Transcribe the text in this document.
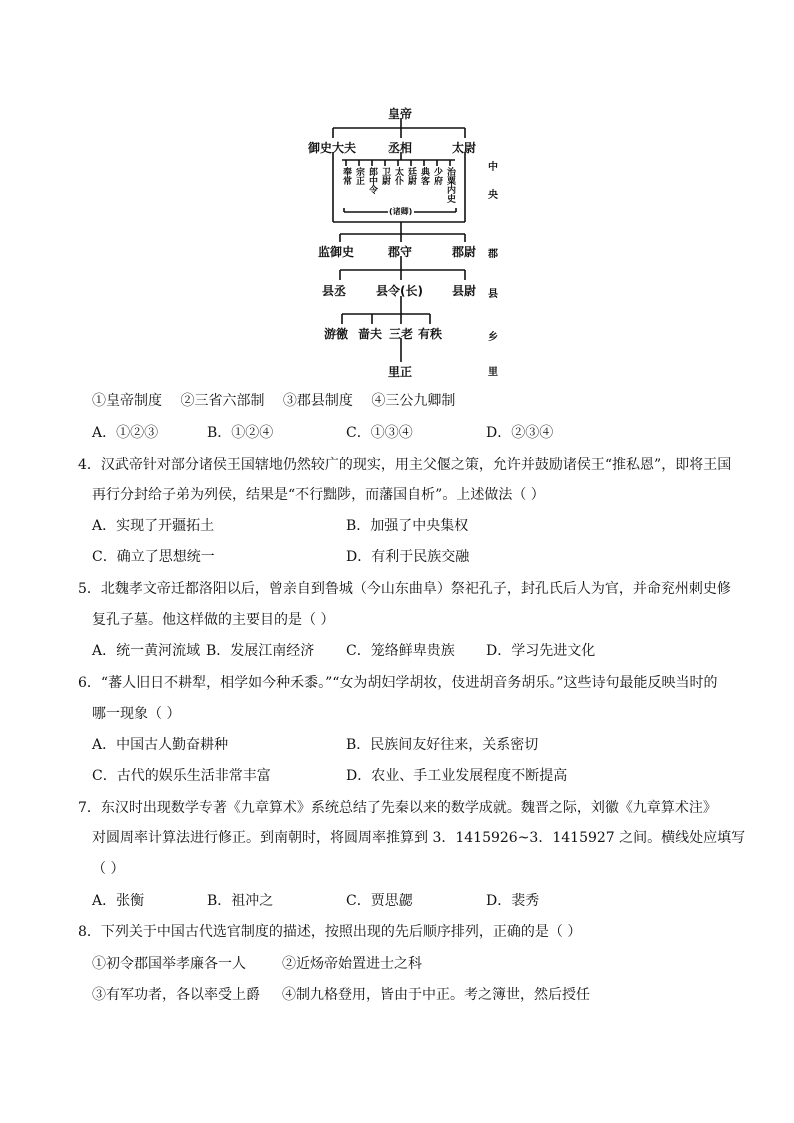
皇帝
御史大夫	丞相	太尉
奉常 宗正 郎中令 卫尉 太仆 廷尉 典客 少府 治粟内史
(诸卿)
监御史	郡守	郡尉
县丞 县令(长) 县尉
游徼 啬夫 三老 有秩
里正
中
央
郡
县
乡
里
①皇帝制度 ②三省六部制 ③郡县制度 ④三公九卿制
A．①②③	B．①②④	C．①③④	D．②③④
4．汉武帝针对部分诸侯王国辖地仍然较广的现实，用主父偃之策，允许并鼓励诸侯王“推私恩”，即将王国
再行分封给子弟为列侯，结果是“不行黜陟，而藩国自析”。上述做法（ ）
A．实现了开疆拓土	B．加强了中央集权
C．确立了思想统一	D．有利于民族交融
5．北魏孝文帝迁都洛阳以后，曾亲自到鲁城（今山东曲阜）祭祀孔子，封孔氏后人为官，并命兖州刺史修
复孔子墓。他这样做的主要目的是（ ）
A．统一黄河流域 B．发展江南经济 C．笼络鲜卑贵族 D．学习先进文化
6．“蕃人旧日不耕犁，相学如今种禾黍。”“女为胡妇学胡妆，伎进胡音务胡乐。”这些诗句最能反映当时的
哪一现象（ ）
A．中国古人勤奋耕种	B．民族间友好往来，关系密切
C．古代的娱乐生活非常丰富	D．农业、手工业发展程度不断提高
7．东汉时出现数学专著《九章算术》系统总结了先秦以来的数学成就。魏晋之际，刘徽《九章算术注》
对圆周率计算法进行修正。到南朝时，将圆周率推算到 3．1415926~3．1415927 之间。横线处应填写
（ ）
A．张衡	B．祖冲之	C．贾思勰	D．裴秀
8．下列关于中国古代选官制度的描述，按照出现的先后顺序排列，正确的是（ ）
①初令郡国举孝廉各一人	②近炀帝始置进士之科
③有军功者，各以率受上爵 ④制九格登用，皆由于中正。考之簿世，然后授任
